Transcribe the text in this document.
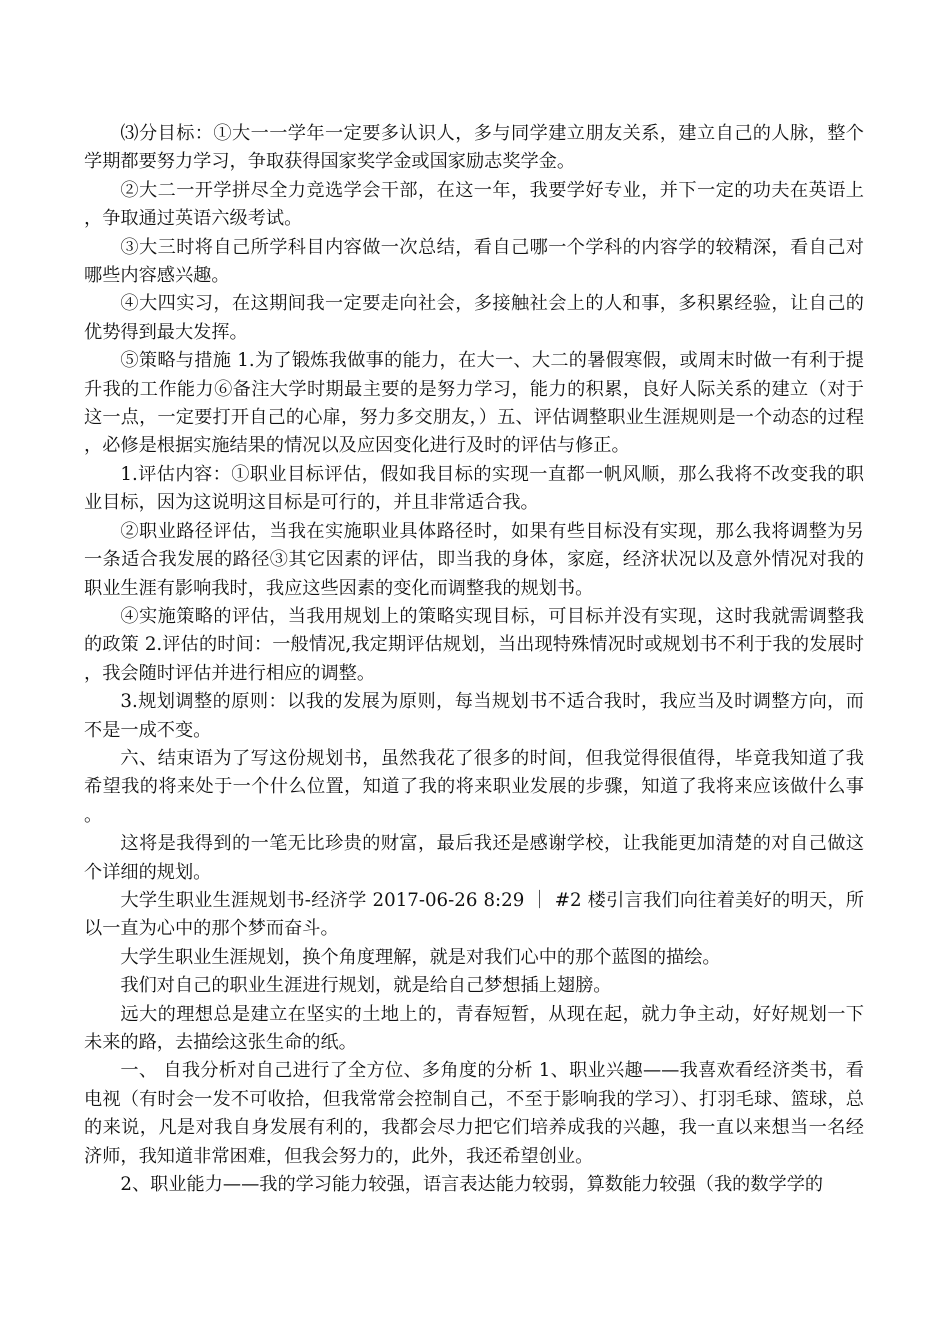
⑶分目标：①大一一学年一定要多认识人，多与同学建立朋友关系，建立自己的人脉，整个学期都要努力学习，争取获得国家奖学金或国家励志奖学金。

②大二一开学拼尽全力竞选学会干部，在这一年，我要学好专业，并下一定的功夫在英语上，争取通过英语六级考试。

③大三时将自己所学科目内容做一次总结，看自己哪一个学科的内容学的较精深，看自己对哪些内容感兴趣。

④大四实习，在这期间我一定要走向社会，多接触社会上的人和事，多积累经验，让自己的优势得到最大发挥。

⑤策略与措施 1.为了锻炼我做事的能力，在大一、大二的暑假寒假，或周末时做一有利于提升我的工作能力⑥备注大学时期最主要的是努力学习，能力的积累，良好人际关系的建立（对于这一点，一定要打开自己的心扉，努力多交朋友，）五、评估调整职业生涯规则是一个动态的过程，必修是根据实施结果的情况以及应因变化进行及时的评估与修正。

1.评估内容：①职业目标评估，假如我目标的实现一直都一帆风顺，那么我将不改变我的职业目标，因为这说明这目标是可行的，并且非常适合我。

②职业路径评估，当我在实施职业具体路径时，如果有些目标没有实现，那么我将调整为另一条适合我发展的路径③其它因素的评估，即当我的身体，家庭，经济状况以及意外情况对我的职业生涯有影响我时，我应这些因素的变化而调整我的规划书。

④实施策略的评估，当我用规划上的策略实现目标，可目标并没有实现，这时我就需调整我的政策 2.评估的时间：一般情况,我定期评估规划，当出现特殊情况时或规划书不利于我的发展时，我会随时评估并进行相应的调整。

3.规划调整的原则：以我的发展为原则，每当规划书不适合我时，我应当及时调整方向，而不是一成不变。

六、结束语为了写这份规划书，虽然我花了很多的时间，但我觉得很值得，毕竟我知道了我希望我的将来处于一个什么位置，知道了我的将来职业发展的步骤，知道了我将来应该做什么事。

这将是我得到的一笔无比珍贵的财富，最后我还是感谢学校，让我能更加清楚的对自己做这个详细的规划。

大学生职业生涯规划书-经济学 2017-06-26 8:29 ｜ #2 楼引言我们向往着美好的明天，所以一直为心中的那个梦而奋斗。

大学生职业生涯规划，换个角度理解，就是对我们心中的那个蓝图的描绘。

我们对自己的职业生涯进行规划，就是给自己梦想插上翅膀。

远大的理想总是建立在坚实的土地上的，青春短暂，从现在起，就力争主动，好好规划一下未来的路，去描绘这张生命的纸。

一、 自我分析对自己进行了全方位、多角度的分析 1、职业兴趣——我喜欢看经济类书，看电视（有时会一发不可收拾，但我常常会控制自己，不至于影响我的学习）、打羽毛球、篮球，总的来说，凡是对我自身发展有利的，我都会尽力把它们培养成我的兴趣，我一直以来想当一名经济师，我知道非常困难，但我会努力的，此外，我还希望创业。

2、职业能力——我的学习能力较强，语言表达能力较弱，算数能力较强（我的数学学的
